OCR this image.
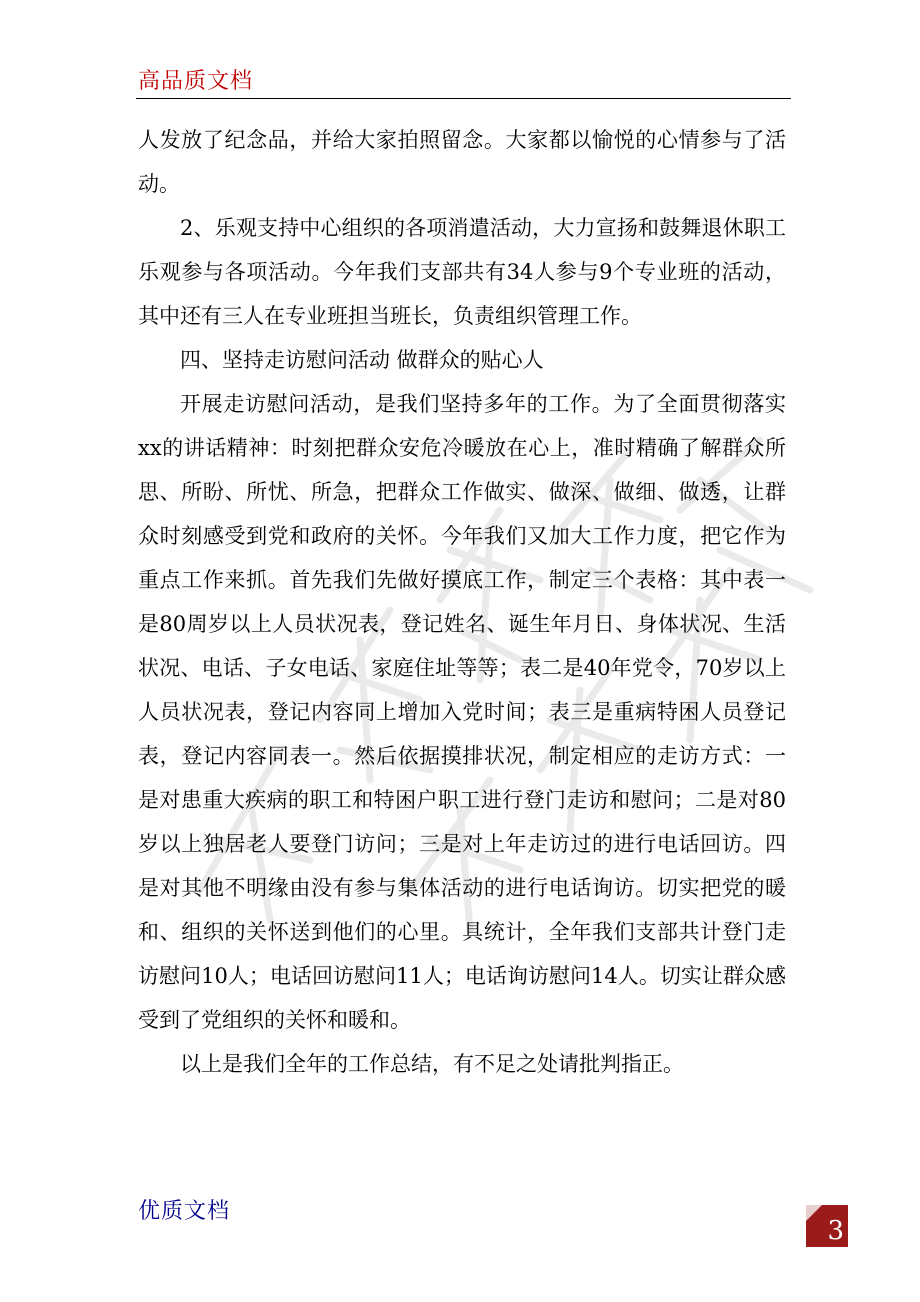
高品质文档

人发放了纪念品，并给大家拍照留念。大家都以愉悦的心情参与了活动。

2、乐观支持中心组织的各项消遣活动，大力宣扬和鼓舞退休职工乐观参与各项活动。今年我们支部共有34人参与9个专业班的活动，其中还有三人在专业班担当班长，负责组织管理工作。

四、坚持走访慰问活动 做群众的贴心人

开展走访慰问活动，是我们坚持多年的工作。为了全面贯彻落实xx的讲话精神：时刻把群众安危冷暖放在心上，准时精确了解群众所思、所盼、所忧、所急，把群众工作做实、做深、做细、做透，让群众时刻感受到党和政府的关怀。今年我们又加大工作力度，把它作为重点工作来抓。首先我们先做好摸底工作，制定三个表格：其中表一是80周岁以上人员状况表，登记姓名、诞生年月日、身体状况、生活状况、电话、子女电话、家庭住址等等；表二是40年党令，70岁以上人员状况表，登记内容同上增加入党时间；表三是重病特困人员登记表，登记内容同表一。然后依据摸排状况，制定相应的走访方式：一是对患重大疾病的职工和特困户职工进行登门走访和慰问；二是对80岁以上独居老人要登门访问；三是对上年走访过的进行电话回访。四是对其他不明缘由没有参与集体活动的进行电话询访。切实把党的暖和、组织的关怀送到他们的心里。具统计，全年我们支部共计登门走访慰问10人；电话回访慰问11人；电话询访慰问14人。切实让群众感受到了党组织的关怀和暖和。

以上是我们全年的工作总结，有不足之处请批判指正。

优质文档
3
